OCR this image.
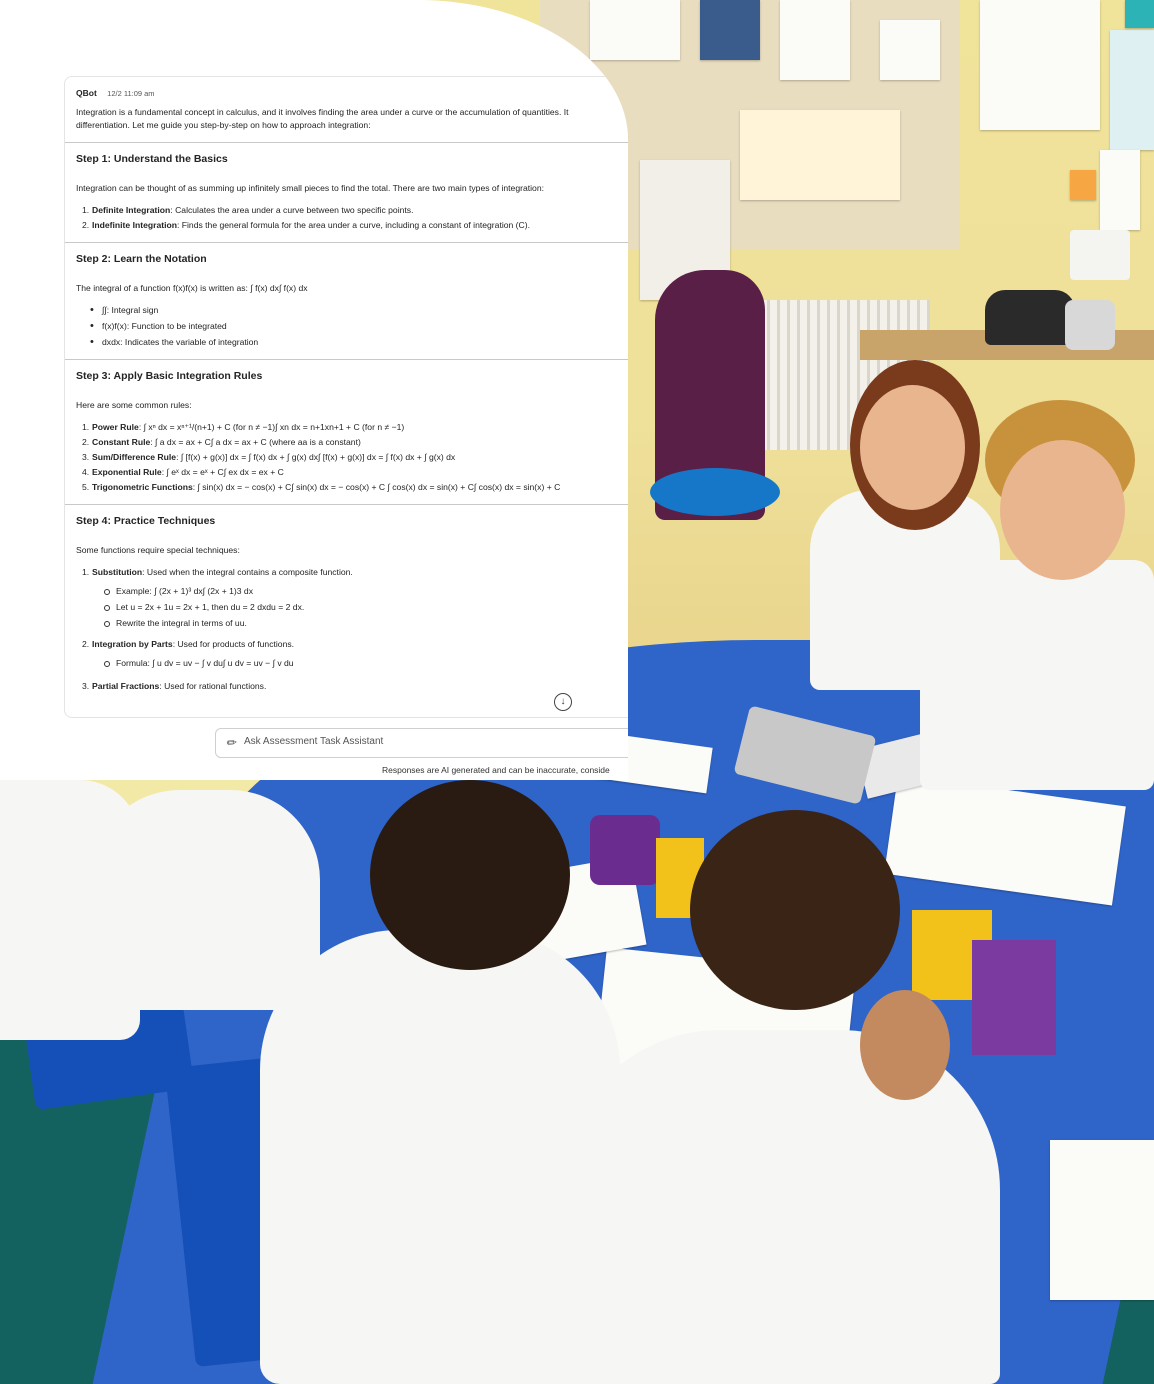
QBot 12/2 11:09 am
Integration is a fundamental concept in calculus, and it involves finding the area under a curve or the accumulation of quantities. It
differentiation. Let me guide you step-by-step on how to approach integration:
Step 1: Understand the Basics
Integration can be thought of as summing up infinitely small pieces to find the total. There are two main types of integration:
1. Definite Integration: Calculates the area under a curve between two specific points.
2. Indefinite Integration: Finds the general formula for the area under a curve, including a constant of integration (C).
Step 2: Learn the Notation
The integral of a function f(x)f(x) is written as: ∫ f(x) dx∫ f(x) dx
• ∫∫: Integral sign
• f(x)f(x): Function to be integrated
• dxdx: Indicates the variable of integration
Step 3: Apply Basic Integration Rules
Here are some common rules:
1. Power Rule: ∫ xⁿ dx = xⁿ⁺¹/(n+1) + C (for n ≠ −1)∫ xn dx = n+1xn+1 + C (for n ≠ −1)
2. Constant Rule: ∫ a dx = ax + C∫ a dx = ax + C (where aa is a constant)
3. Sum/Difference Rule: ∫ [f(x) + g(x)] dx = ∫ f(x) dx + ∫ g(x) dx∫ [f(x) + g(x)] dx = ∫ f(x) dx + ∫ g(x) dx
4. Exponential Rule: ∫ eˣ dx = eˣ + C∫ ex dx = ex + C
5. Trigonometric Functions: ∫ sin(x) dx = − cos(x) + C∫ sin(x) dx = − cos(x) + C ∫ cos(x) dx = sin(x) + C∫ cos(x) dx = sin(x) + C
Step 4: Practice Techniques
Some functions require special techniques:
1. Substitution: Used when the integral contains a composite function.
Example: ∫ (2x + 1)³ dx∫ (2x + 1)3 dx
Let u = 2x + 1u = 2x + 1, then du = 2 dxdu = 2 dx.
Rewrite the integral in terms of uu.
2. Integration by Parts: Used for products of functions.
Formula: ∫ u dv = uv − ∫ v du∫ u dv = uv − ∫ v du
3. Partial Fractions: Used for rational functions.
↓
✐ Ask Assessment Task Assistant
Responses are AI generated and can be inaccurate, conside
